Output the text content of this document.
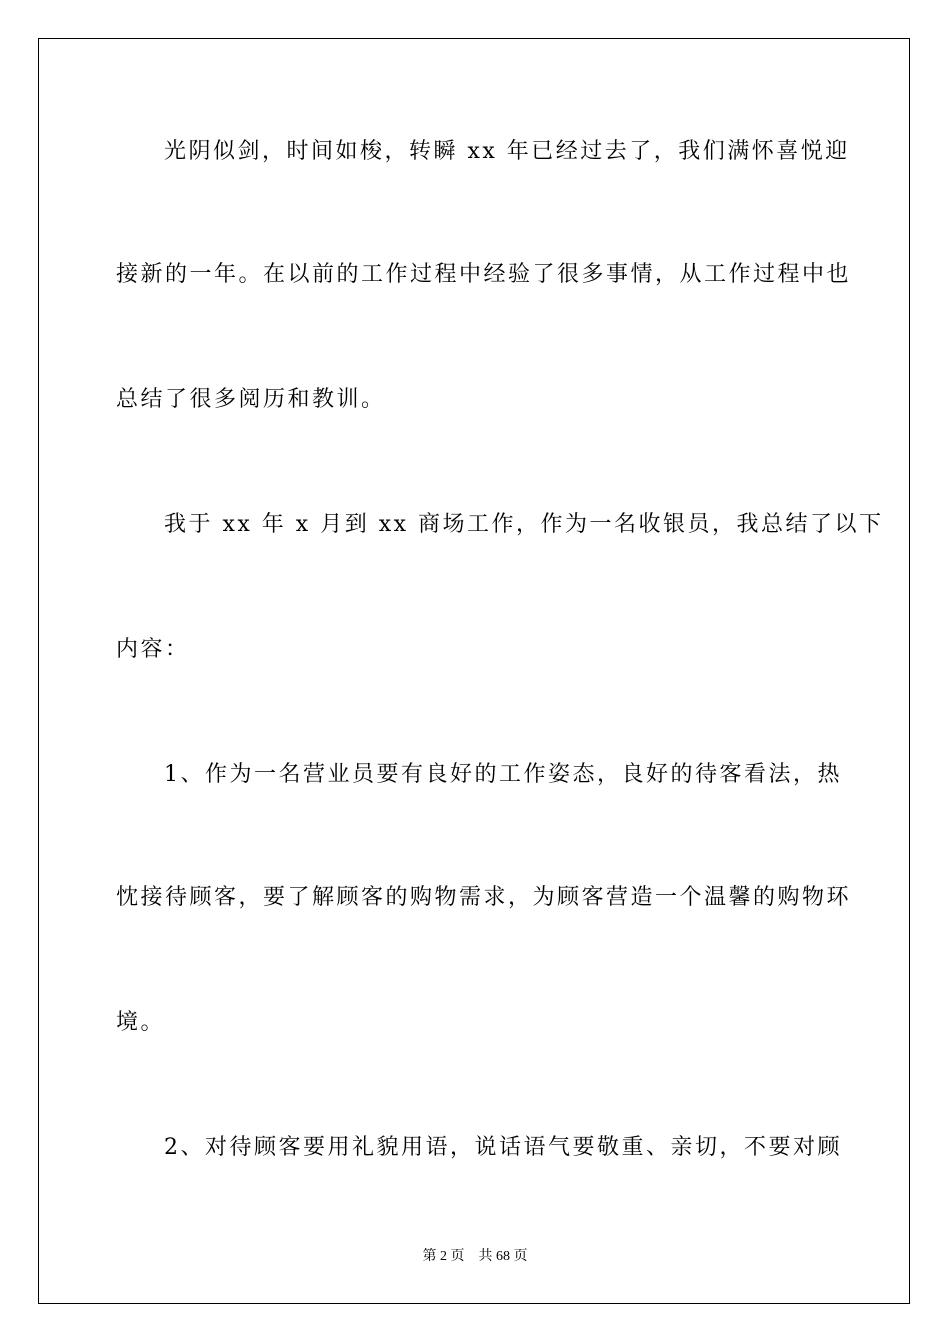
光阴似剑，时间如梭，转瞬 xx 年已经过去了，我们满怀喜悦迎
接新的一年。在以前的工作过程中经验了很多事情，从工作过程中也
总结了很多阅历和教训。
我于 xx 年 x 月到 xx 商场工作，作为一名收银员，我总结了以下
内容：
1、作为一名营业员要有良好的工作姿态，良好的待客看法，热
忱接待顾客，要了解顾客的购物需求，为顾客营造一个温馨的购物环
境。
2、对待顾客要用礼貌用语，说话语气要敬重、亲切，不要对顾
第 2 页 共 68 页
